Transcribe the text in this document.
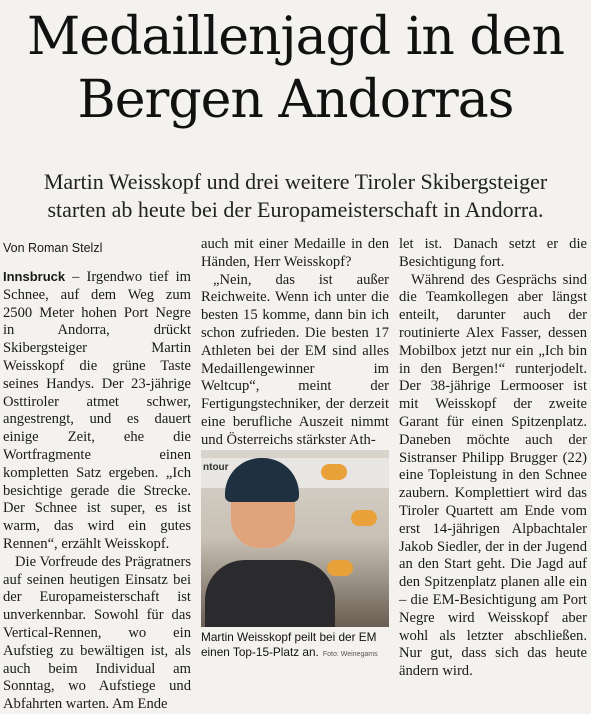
Medaillenjagd in den
Bergen Andorras
Martin Weisskopf und drei weitere Tiroler Skibergsteiger
starten ab heute bei der Europameisterschaft in Andorra.
Von Roman Stelzl

Innsbruck – Irgendwo tief im Schnee, auf dem Weg zum 2500 Meter hohen Port Negre in Andorra, drückt Skibergsteiger Martin Weisskopf die grüne Taste seines Handys. Der 23-jährige Osttiroler atmet schwer, angestrengt, und es dauert einige Zeit, ehe die Wortfragmente einen kompletten Satz ergeben. „Ich besichtige gerade die Strecke. Der Schnee ist super, es ist warm, das wird ein gutes Rennen“, erzählt Weisskopf.

Die Vorfreude des Prägratners auf seinen heutigen Einsatz bei der Europameisterschaft ist unverkennbar. Sowohl für das Vertical-Rennen, wo ein Aufstieg zu bewältigen ist, als auch beim Individual am Sonntag, wo Aufstiege und Abfahrten warten. Am Ende

auch mit einer Medaille in den Händen, Herr Weisskopf?

„Nein, das ist außer Reichweite. Wenn ich unter die besten 15 komme, dann bin ich schon zufrieden. Die besten 17 Athleten bei der EM sind alles Medaillengewinner im Weltcup“, meint der Fertigungstechniker, der derzeit eine berufliche Auszeit nimmt und Österreichs stärkster Ath-

ntour
Martin Weisskopf peilt bei der EM einen Top-15-Platz an. Foto: Weinegams

let ist. Danach setzt er die Besichtigung fort.

Während des Gesprächs sind die Teamkollegen aber längst enteilt, darunter auch der routinierte Alex Fasser, dessen Mobilbox jetzt nur ein „Ich bin in den Bergen!“ runterjodelt. Der 38-jährige Lermooser ist mit Weisskopf der zweite Garant für einen Spitzenplatz. Daneben möchte auch der Sistranser Philipp Brugger (22) eine Topleistung in den Schnee zaubern. Komplettiert wird das Tiroler Quartett am Ende vom erst 14-jährigen Alpbachtaler Jakob Siedler, der in der Jugend an den Start geht. Die Jagd auf den Spitzenplatz planen alle ein – die EM-Besichtigung am Port Negre wird Weisskopf aber wohl als letzter abschließen. Nur gut, dass sich das heute ändern wird.
